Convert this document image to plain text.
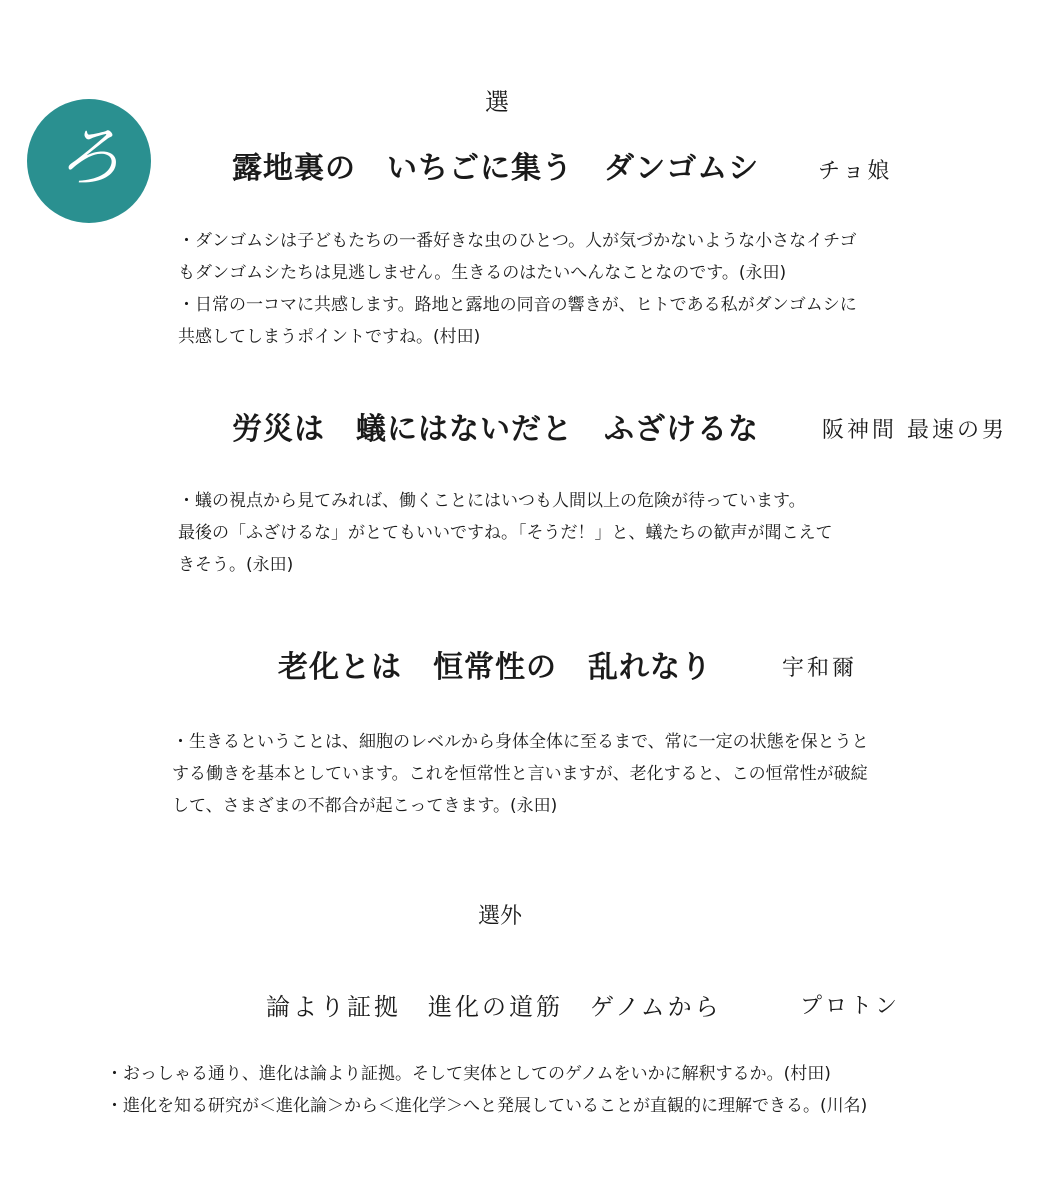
選
ろ	露地裏の　いちごに集う　ダンゴムシ	チョ娘
・ダンゴムシは子どもたちの一番好きな虫のひとつ。人が気づかないような小さなイチゴ
もダンゴムシたちは見逃しません。生きるのはたいへんなことなのです。(永田)
・日常の一コマに共感します。路地と露地の同音の響きが、ヒトである私がダンゴムシに
共感してしまうポイントですね。(村田)
労災は　蟻にはないだと　ふざけるな	阪神間 最速の男
・蟻の視点から見てみれば、働くことにはいつも人間以上の危険が待っています。
最後の「ふざけるな」がとてもいいですね。「そうだ！」と、蟻たちの歓声が聞こえて
きそう。(永田)
老化とは　恒常性の　乱れなり	宇和爾
・生きるということは、細胞のレベルから身体全体に至るまで、常に一定の状態を保とうと
する働きを基本としています。これを恒常性と言いますが、老化すると、この恒常性が破綻
して、さまざまの不都合が起こってきます。(永田)
選外
論より証拠　進化の道筋　ゲノムから	プロトン
・おっしゃる通り、進化は論より証拠。そして実体としてのゲノムをいかに解釈するか。(村田)
・進化を知る研究が＜進化論＞から＜進化学＞へと発展していることが直観的に理解できる。(川名)
